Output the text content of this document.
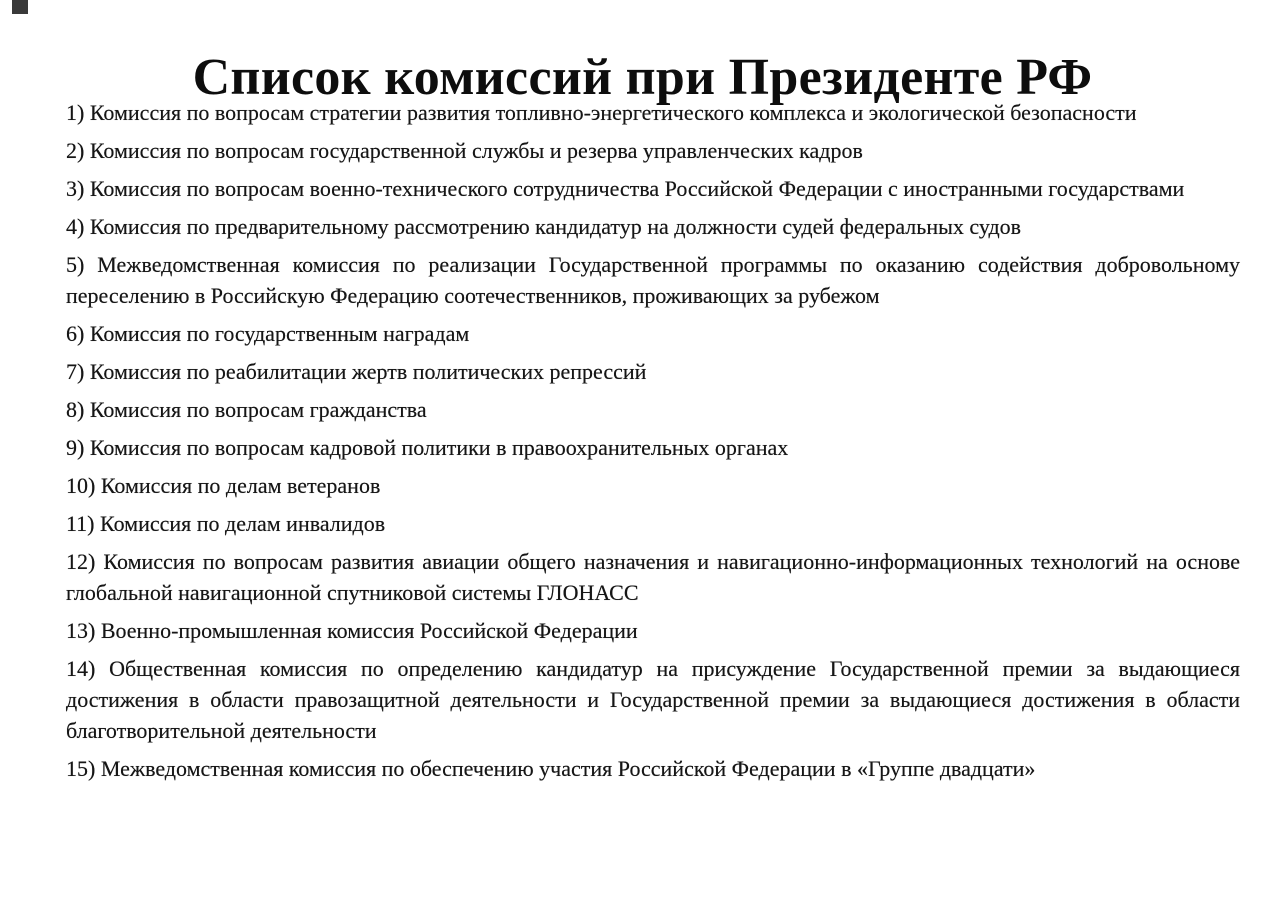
Список комиссий при Президенте РФ
1) Комиссия по вопросам стратегии развития топливно-энергетического комплекса и экологической безопасности
2) Комиссия по вопросам государственной службы и резерва управленческих кадров
3) Комиссия по вопросам военно-технического сотрудничества Российской Федерации с иностранными государствами
4) Комиссия по предварительному рассмотрению кандидатур на должности судей федеральных судов
5) Межведомственная комиссия по реализации Государственной программы по оказанию содействия добровольному переселению в Российскую Федерацию соотечественников, проживающих за рубежом
6) Комиссия по государственным наградам
7) Комиссия по реабилитации жертв политических репрессий
8) Комиссия по вопросам гражданства
9) Комиссия по вопросам кадровой политики в правоохранительных органах
10) Комиссия по делам ветеранов
11) Комиссия по делам инвалидов
12) Комиссия по вопросам развития авиации общего назначения и навигационно-информационных технологий на основе глобальной навигационной спутниковой системы ГЛОНАСС
13) Военно-промышленная комиссия Российской Федерации
14) Общественная комиссия по определению кандидатур на присуждение Государственной премии за выдающиеся достижения в области правозащитной деятельности и Государственной премии за выдающиеся достижения в области благотворительной деятельности
15) Межведомственная комиссия по обеспечению участия Российской Федерации в «Группе двадцати»
